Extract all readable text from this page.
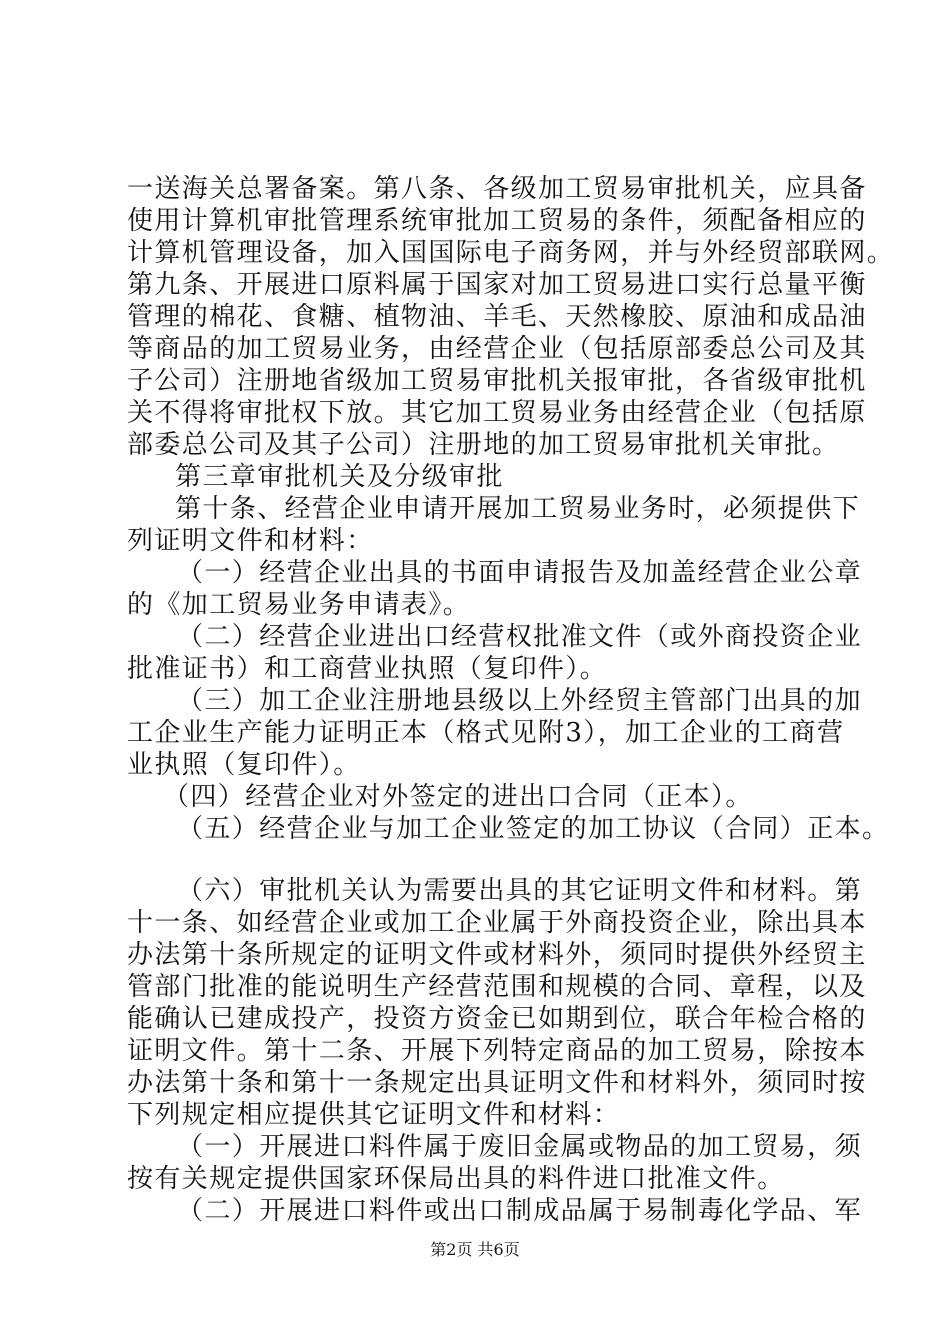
一送海关总署备案。第八条、各级加工贸易审批机关，应具备
使用计算机审批管理系统审批加工贸易的条件，须配备相应的
计算机管理设备，加入国国际电子商务网，并与外经贸部联网。
第九条、开展进口原料属于国家对加工贸易进口实行总量平衡
管理的棉花、食糖、植物油、羊毛、天然橡胶、原油和成品油
等商品的加工贸易业务，由经营企业（包括原部委总公司及其
子公司）注册地省级加工贸易审批机关报审批，各省级审批机
关不得将审批权下放。其它加工贸易业务由经营企业（包括原
部委总公司及其子公司）注册地的加工贸易审批机关审批。
第三章审批机关及分级审批
第十条、经营企业申请开展加工贸易业务时，必须提供下
列证明文件和材料：
（一）经营企业出具的书面申请报告及加盖经营企业公章
的《加工贸易业务申请表》。
（二）经营企业进出口经营权批准文件（或外商投资企业
批准证书）和工商营业执照（复印件）。
（三）加工企业注册地县级以上外经贸主管部门出具的加
工企业生产能力证明正本（格式见附3），加工企业的工商营
业执照（复印件）。
（四）经营企业对外签定的进出口合同（正本）。
（五）经营企业与加工企业签定的加工协议（合同）正本。
（六）审批机关认为需要出具的其它证明文件和材料。第
十一条、如经营企业或加工企业属于外商投资企业，除出具本
办法第十条所规定的证明文件或材料外，须同时提供外经贸主
管部门批准的能说明生产经营范围和规模的合同、章程，以及
能确认已建成投产，投资方资金已如期到位，联合年检合格的
证明文件。第十二条、开展下列特定商品的加工贸易，除按本
办法第十条和第十一条规定出具证明文件和材料外，须同时按
下列规定相应提供其它证明文件和材料：
（一）开展进口料件属于废旧金属或物品的加工贸易，须
按有关规定提供国家环保局出具的料件进口批准文件。
（二）开展进口料件或出口制成品属于易制毒化学品、军
第2页 共6页
